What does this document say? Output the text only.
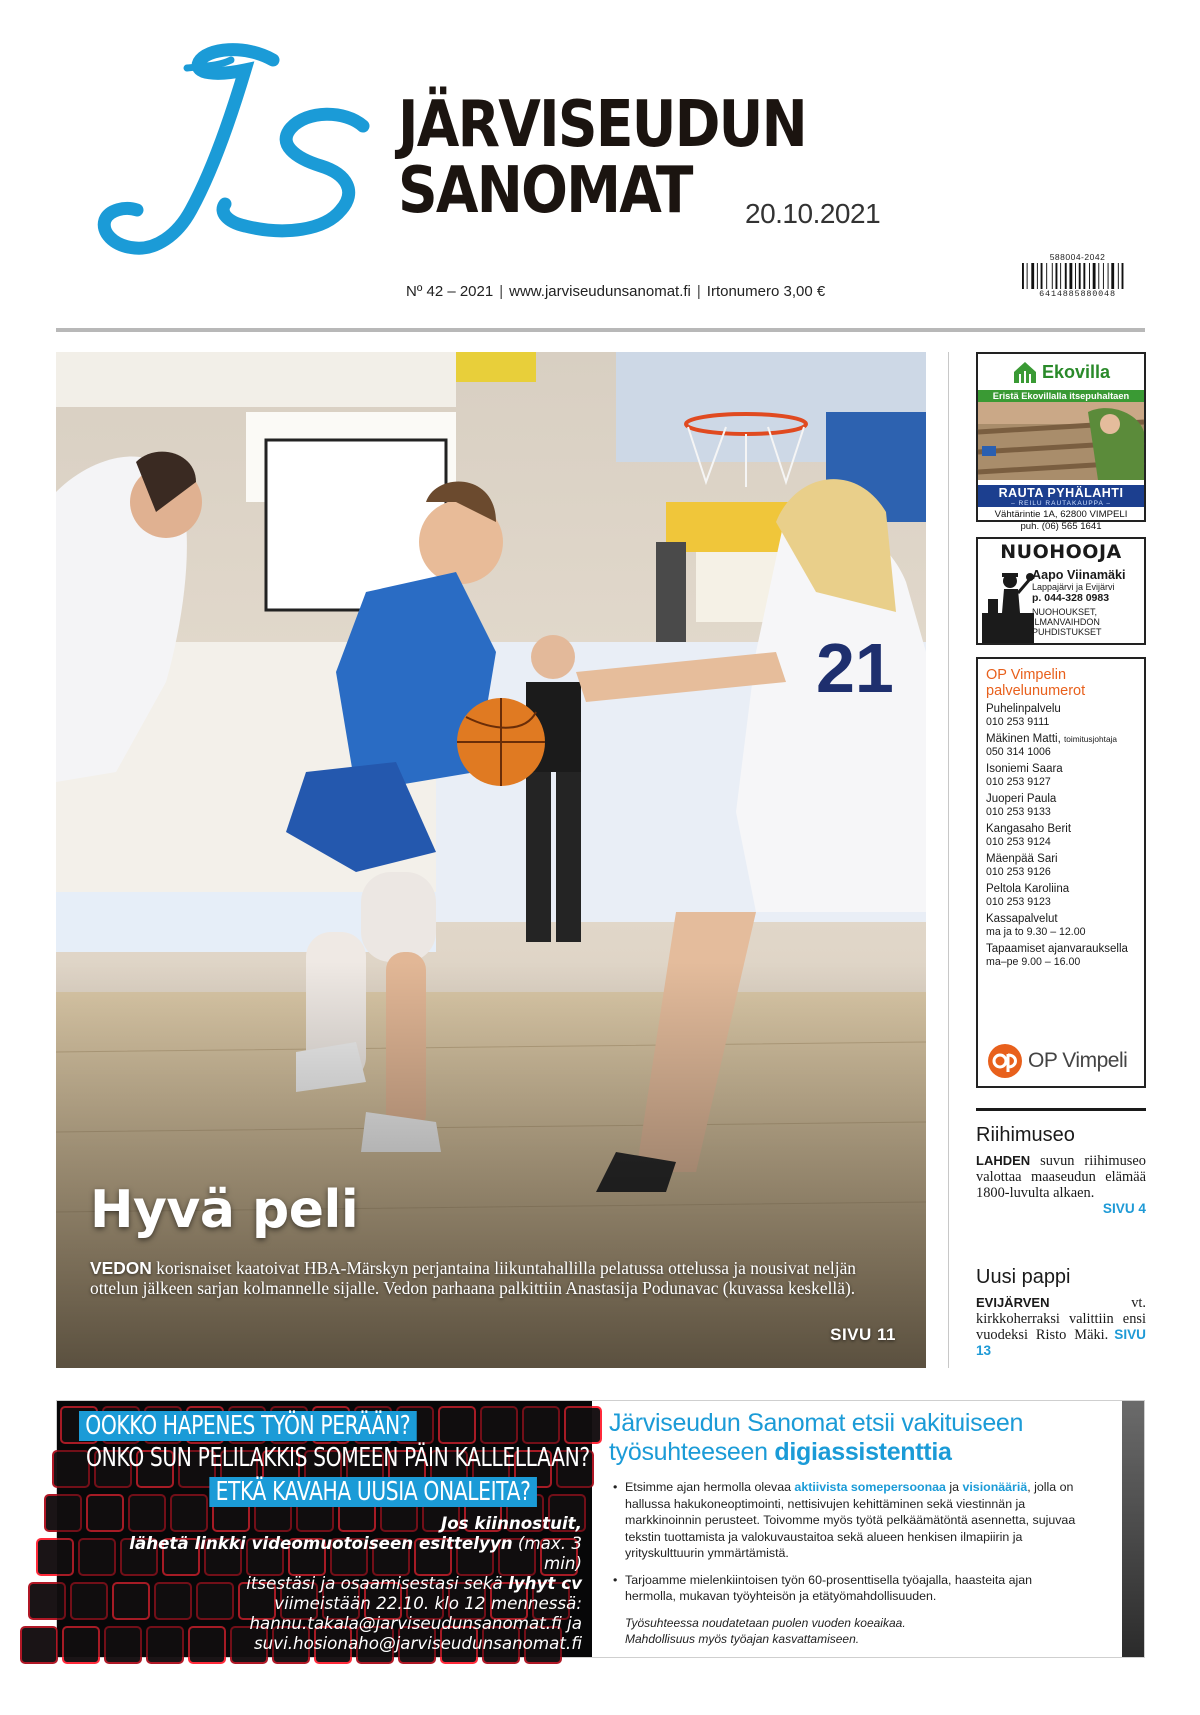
JÄRVISEUDUN
SANOMAT	20.10.2021
Nº 42 – 2021 | www.jarviseudunsanomat.fi | Irtonumero 3,00 €
588004-2042
6414885880048
Hyvä peli
VEDON korisnaiset kaatoivat HBA-Märskyn perjantaina liikuntahallilla pelatussa ottelussa ja nousivat neljän ottelun jälkeen sarjan kolmannelle sijalle. Vedon parhaana palkittiin Anastasija Podunavac (kuvassa keskellä).
SIVU 11
Ekovilla
Eristä Ekovillalla itsepuhaltaen
RAUTA PYHÄLAHTI
– REILU RAUTAKAUPPA –
Vähtärintie 1A, 62800 VIMPELI
puh. (06) 565 1641
NUOHOOJA
Aapo Viinamäki
Lappajärvi ja Evijärvi
p. 044-328 0983
NUOHOUKSET,
ILMANVAIHDON
PUHDISTUKSET
OP Vimpelin palvelunumerot
Puhelinpalvelu
010 253 9111
Mäkinen Matti, toimitusjohtaja
050 314 1006
Isoniemi Saara
010 253 9127
Juoperi Paula
010 253 9133
Kangasaho Berit
010 253 9124
Mäenpää Sari
010 253 9126
Peltola Karoliina
010 253 9123
Kassapalvelut
ma ja to 9.30 – 12.00
Tapaamiset ajanvarauksella
ma–pe 9.00 – 16.00
OP Vimpeli
Riihimuseo
LAHDEN suvun riihimuseo valottaa maaseudun elämää 1800-luvulta alkaen.
SIVU 4
Uusi pappi
EVIJÄRVEN vt. kirkkoherraksi valittiin ensi vuodeksi Risto Mäki. SIVU 13
OOKKO HAPENES TYÖN PERÄÄN?
ONKO SUN PELILAKKIS SOMEEN PÄIN KALLELLAAN?
ETKÄ KAVAHA UUSIA ONALEITA?
Jos kiinnostuit,
lähetä linkki videomuotoiseen esittelyyn (max. 3 min)
itsestäsi ja osaamisestasi sekä lyhyt cv
viimeistään 22.10. klo 12 mennessä:
hannu.takala@jarviseudunsanomat.fi ja
suvi.hosionaho@jarviseudunsanomat.fi
Järviseudun Sanomat etsii vakituiseen työsuhteeseen digiassistenttia
• Etsimme ajan hermolla olevaa aktiivista somepersoonaa ja visionääriä, jolla on hallussa hakukoneoptimointi, nettisivujen kehittäminen sekä viestinnän ja markkinoinnin perusteet. Toivomme myös työtä pelkäämätöntä asennetta, sujuvaa tekstin tuottamista ja valokuvaustaitoa sekä alueen henkisen ilmapiirin ja yrityskulttuurin ymmärtämistä.
• Tarjoamme mielenkiintoisen työn 60-prosenttisella työajalla, haasteita ajan hermolla, mukavan työyhteisön ja etätyömahdollisuuden.
Työsuhteessa noudatetaan puolen vuoden koeaikaa.
Mahdollisuus myös työajan kasvattamiseen.
